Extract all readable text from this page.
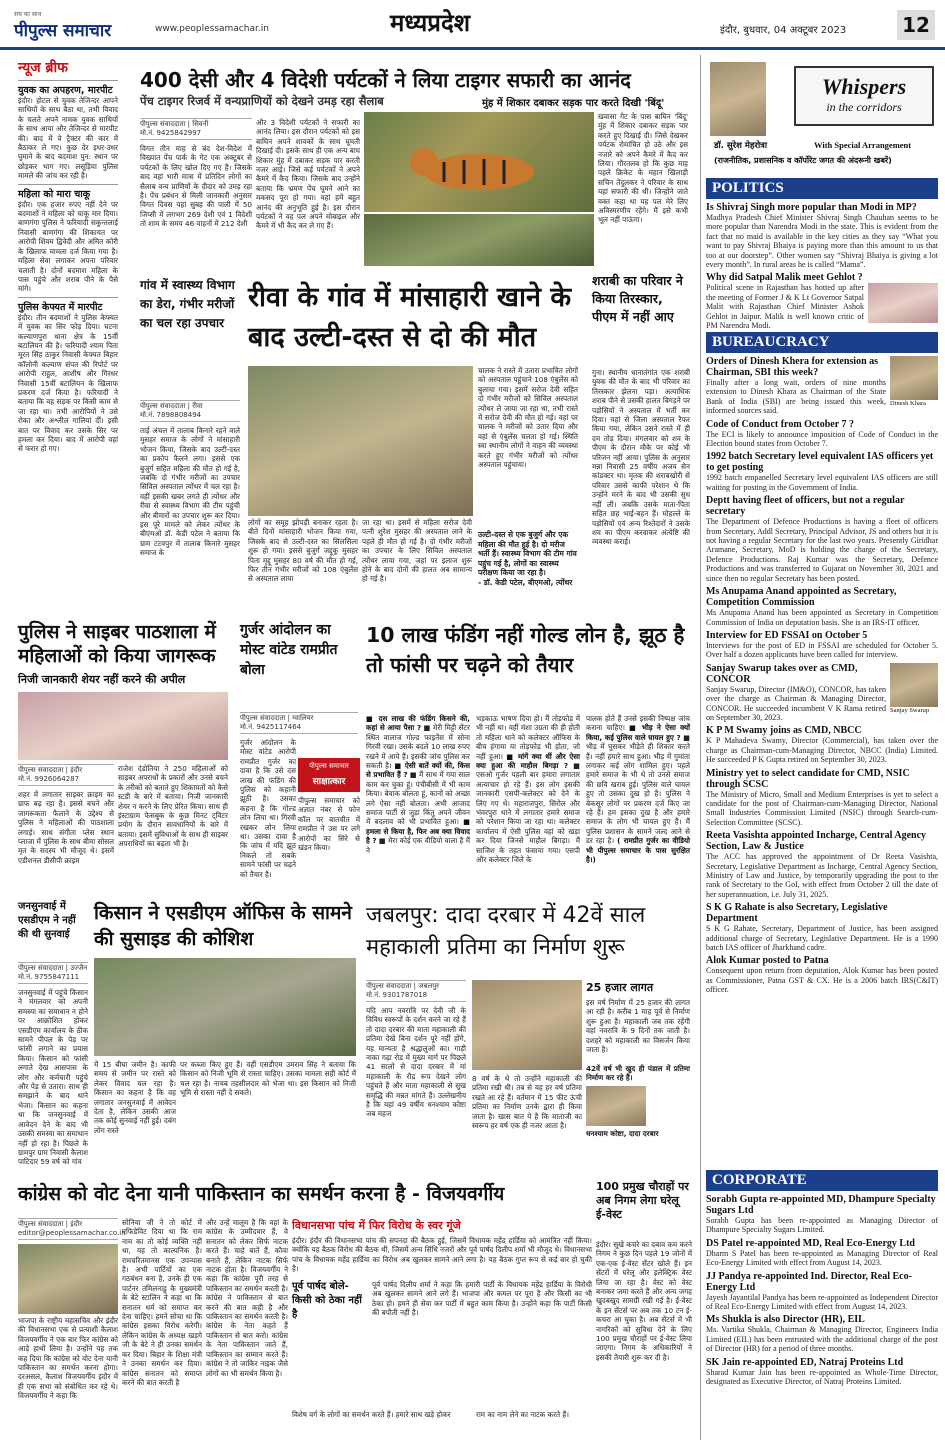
सच का साथ
पीपुल्स समाचार	www.peoplessamachar.in	मध्यप्रदेश	इंदौर, बुधवार, 04 अक्टूबर 2023	12
न्यूज ब्रीफ
युवक का अपहरण, मारपीट
इंदौर। होटल से युवक तेजिन्दर आपने साथियों के साथ बैठा था, तभी विवाद के चलते अपने नामक युवक साथियों के साथ आया और तेजिन्दर से मारपीट की। बाद में वे ट्रैक्टर की कार में बैठाकर ले गए। कुछ देर इधर-उधर घुमाने के बाद बदमाश पुन: स्थान पर छोड़कर भाग गए। लसूड़िया पुलिस मामले की जांच कर रही है।
महिला को मारा चाकू
इंदौर। एक हजार रुपए नहीं देने पर बदमाशों ने महिला को चाकू मार दिया। बाणगंगा पुलिस ने फरियादी सकुन्तलाई निवासी बाणगंगा की शिकायत पर आरोपी शिवम द्विवेदी और अमित कोरी के खिलाफ मामला दर्ज किया गया है। महिला सेवा लगाकर अपना परिवार चलाती है। दोनों बदमाश महिला के पास पहुंचे और शराब पीने के पैसे मांगे।
पुलिस केफ्यत में मारपीट
इंदौर। तीन बदमाशों ने पुलिस केफ्यत में युवक का सिर फोड़ दिया। घटना कल्याणपुरा थाना क्षेत्र के 15वीं बटालियन की है। फरियादी श्याम पिता मूरत सिंह ठाकुर निवासी केफ्यत बिहार कॉलोनी कल्याण संपत की रिपोर्ट पर आरोपी राहुल, आशीष और गिरधर निवासी 15वीं बटालियन के खिलाफ प्रकरण दर्ज किया है। फरियादी ने बताया कि वह सड़क पर किसी काम से जा रहा था। तभी आरोपियों ने उसे रोका और अश्लील गालियां दीं। इसी बात पर विवाद कर उसके सिर पर हमला कर दिया। बाद में आरोपी वहां से फरार हो गए।
400 देसी और 4 विदेशी पर्यटकों ने लिया टाइगर सफारी का आनंद
पेंच टाइगर रिजर्व में वन्यप्राणियों को देखने उमड़ रहा सैलाब	मुंह में शिकार दबाकर सड़क पार करते दिखी 'बिंदू'
पीपुल्स संवाददाता | सिवनी
मो.नं. 9425842997
विगत तीन माह से बंद देश-विदेश में विख्यात पेंच पार्क के गेट एक अक्टूबर से पर्यटकों के लिए खोल दिए गए हैं। जिसके बाद वहां भारी मात्रा में प्रतिदिन लोगों का सैलाब वन्य प्राणियों के दीदार को उमड़ रहा है। पेंच प्रबंधन से मिली जानकारी अनुसार विगत दिवस यहां सुबह की पाली में 50 जिप्सी में लगभग 269 देशी एवं 1 विदेशी तो शाम के समय 46 वाहनों में 212 देशी
और 3 विदेशी पर्यटकों ने सफारी का आनंद लिया। इस दौरान पर्यटकों को इस बाघिन अपने शावकों के साथ घूमती दिखाई दी। इसके साथ ही एक अन्य बाघ शिकार मुंह में दबाकर सड़क पार करती नजर आई। जिसे कई पर्यटकों ने अपने कैमरे में कैद किया। जिसके बाद उन्होंने बताया कि भ्रमण पेंच घूमने आने का मकसद पूरा हो गया। वहां हमें बहुत आनंद की अनुभूति हुई है। इस दौरान पर्यटकों ने वह पल अपने मोबाइल और कैमरे में भी कैद कर ले गए हैं।
खवासा गेट के पास बाघिन 'बिंदू' मुंह में शिकार दबाकर सड़क पार करते हुए दिखाई दी। जिसे देखकर पर्यटक रोमांचित हो उठे और इस नजारे को अपने कैमरे में कैद कर लिया। गौरतलब हो कि कुछ माह पहले क्रिकेट के महान खिलाड़ी सचिन तेंदुलकर ने परिवार के साथ यहां सफारी की थी। जिन्होंने जाते वक्त कहा था यह पल मेरे लिए अविस्मरणीय रहेंगे। मैं इसे कभी भूल नहीं पाऊंगा।
गांव में स्वास्थ्य विभाग का डेरा, गंभीर मरीजों का चल रहा उपचार
पीपुल्स संवाददाता | रीवा
मो.नं. 7898808494
ताई अंचल में तालाब किनारे रहने वाले मुसहर समाज के लोगों ने मांसाहारी भोजन किया, जिसके बाद उल्टी-दस्त का प्रकोप फैलने लगा। इससे एक बुजुर्ग सहित महिला की मौत हो गई है, जबकि दो गंभीर मरीजों का उपचार सिविल अस्पताल त्योंथर में चल रहा है। वहीं इसकी खबर लगते ही त्योंथर और रीवा से स्वास्थ्य विभाग की टीम पहुंची और बीमारों का उपचार शुरू कर दिया। इस पूरे मामले को लेकर त्योंथर के बीएमओ डॉ. केडी पटेल ने बताया कि ग्राम टटवपुर में तालाब किनारे मुसहर समाज के
रीवा के गांव में मांसाहारी खाने के बाद उल्टी-दस्त से दो की मौत
लोगों का समूह झोपड़ी बनाकर रहता है। बीते दिनों मांसाहारी भोजन किया गया, जिसके बाद से उल्टी-दस्त का सिलसिला शुरू हो गया। इससे बुजुर्ग जद्दूकू मुसहर पिता मृद्दू मुसहर 80 वर्ष की मौत हो गई, फिर तीन गंभीर मरीजों को 108 एंबुलेंस से अस्पताल लाया
जा रहा था। इसमें से महिला सरोज देवी पत्नी शुरेश मुसहर की अस्पताल लाने के पहले ही मौत हो गई है। दो गंभीर मरीजों का उपचार के लिए सिविल अस्पताल त्योंथर लाया गया, जहां पर इलाज शुरू होने के बाद दोनों की हालत अब सामान्य हो गई है।
चालक ने रास्ते में उतारा प्रभावित लोगों को अस्पताल पहुंचाने 108 एंबुलेंस को बुलाया गया। इसमें सरोज देवी सहित दो गंभीर मरीजों को सिविल अस्पताल त्योंथर ले जाया जा रहा था, तभी रास्ते में सरोज देवी की मौत हो गई। वहां पर चालक ने मरीजों को उतार दिया और वहां से एंबुलेंस चलता हो गई। स्थिति स्वा स्थानीय लोगों ने वाहन की व्यवस्था करते हुए गंभीर मरीजों को त्योंथर अस्पताल पहुंचाया।
उल्टी-दस्त से एक बुजुर्ग और एक महिला की मौत हुई है। दो मरीज भर्ती हैं। स्वास्थ्य विभाग की टीम गांव पहुंच गई है, लोगों का स्वास्थ्य परीक्षण किया जा रहा है।
- डॉ. केडी पटेल, बीएमओ, त्योंथर
शराबी का परिवार ने किया तिरस्कार, पीएम में नहीं आए
गुना। स्थानीय धानातंगांत एक शराबी युवक की मौत के बाद भी परिवार का तिरस्कार झेलना पड़ा। अत्याधिक शराब पीने से उसकी हालत बिगड़ने पर पड़ोसियों ने अस्पताल में भर्ती कर दिया। यहां से जिला अस्पताल रैफर किया गया, लेकिन उसने रास्ते में ही दम तोड़ दिया। मंगलवार को शव के पीएम के दौरान मौके पर कोई भी परिजन नहीं आया। पुलिस के अनुसार मन्ना निवासी 25 वर्षीय अजय सेन कांडक्टर था। मृतक की शराबखोरी से परिवार उससे काफी परेशान थे कि उन्होंने मरने के बाद भी उसकी सुध नहीं ली। जबकि उसके माता-पिता सहित छह भाई-बहन हैं। मोहल्ले के पड़ोसियों एवं अन्य रिश्तेदारों ने उसके शव का पीएम करवाकर अंत्येष्टि की व्यवस्था कराई।
पुलिस ने साइबर पाठशाला में महिलाओं को किया जागरूक
निजी जानकारी शेयर नहीं करने की अपील
पीपुल्स संवाददाता | इंदौर
मो.नं. 9926064287
शहर में लगातार साइबर क्राइम का ग्राफ बढ़ रहा है। इससे बचने और जागरूकता फैलाने के उद्देश्य से पुलिस ने महिलाओं की पाठशाला लगाई। साथ संगीता प्लेस स्थान प्लाजा में पुलिस के साथ बीमा सोसल मृत के सदस्य भी मौजूद थे। इसमें एडीशनल डीसीपी क्राइम
राजेश दंडोतिया ने 250 महिलाओं को साइबर अपराधों के प्रकारों और उनसे बचने के तरीकों को बताते हुए शिकायतों को कैसे स्टडी के बारे में बताया। निजी जानकारी शेयर न करने के लिए प्रेरित किया। साथ ही इंस्टाग्राम फेसबुक के कुछ मिनट ट्विटर प्रयोग के दौरान सावधानियों के बारे में बताया। इसमें सुविधाओं के साथ ही साइबर अपराधियों का बढ़ता भी है।
गुर्जर आंदोलन का मोस्ट वांटेड रामप्रीत बोला
पीपुल्स संवाददाता | ग्वालियर
मो.नं. 9425117464
गुर्जर आंदोलन के मोस्ट वांटेड आरोपी रामप्रीत गुर्जर का दावा है कि उसे दस लाख की फंडिंग की पुलिस को कहानी झूठी है। उसका कहना है कि गोल्ड लोन लिया था। गिरवी रखकर लोन लिया था। उसका दावा है कि जांच में यदि झूठ निकले तो सबके सामने फांसी पर चढ़ने को तैयार है।
पीपुल्स समाचार
साक्षात्कार
पीपुल्स समाचार को अज्ञात नंबर से फोन कॉल पर बातचीत में रामप्रीत ने उस पर लगे आरोपों का सिरे से खंडन किया।
10 लाख फंडिंग नहीं गोल्ड लोन है, झूठ है तो फांसी पर चढ़ने को तैयार
■ दस लाख की फंडिंग किसने की, कहां से आया पैसा ? ■ मेरी मिट्टी सेंटर स्थित वालाज गोल्ड फाइनेंस में सोना गिरवी रखा। उसके बदले 10 लाख रुपए रखने में आये हैं। इसकी जांच पुलिस कर सकती है। ■ ऐसी बातें क्यों की, किस से प्रभावित हैं ? ■ मैं साथ में गया साल काम कर चुका हूं। पंचीबीसी में भी काम किया। बेवाक बोलता हूं, कानों को अच्छा लगे ऐसा नहीं बोलता। अभी आजाद समाज पार्टी से जुड़ा किंतु अपने जीवन में बदलाव को भी प्रभावित हुआ। ■ हमला से किया है, फिर अब क्या विवाद है ? ■ मेरा कोई एक वीडियो वाला है मैं ने
भड़काऊ भाषण दिया हो। मैं तोड़फोड़ में भी नहीं था। वहीं मंशा उग्रता की ही होती तो महिला थाने को कलेक्टर ऑफिस के बीच हंगामा या तोड़फोड़ भी होता, जो नहीं हुआ। ■ मांगें क्या थीं और ऐसा क्या हुआ की माहौल बिगड़ा ? ■ एसओ गुर्जर पहली बार हमारा लगातार अत्याचार हो रहे हैं। इस लोग इसकी जानकारी एसपी-कलेक्टर को देने के लिए गए थे। महाराजपुरा, सिरोल और भंवरपुरा थाने में लगातार हमारे समाज को परेशान किया जा रहा था। कलेक्टर कार्यालय में ऐसी पुलिस वहां को खड़ा कर दिया जिनसे माहौल बिगड़ा। मैं साजिश के तहत फंसाया गया। एसपी और कलेक्टर जिले के
पालक होते हैं उनसे इसकी निष्पक्ष जांच कराना चाहिए। ■ भीड़ ने ऐसा क्यों किया, कई पुलिस वाले घायल हुए ? ■ भीड़ में घुसकर भीड़ेते ही शिकार करते हैं। नहीं हमारे साथ हुआ। भीड़ में गुमांता लगाकर कई लोग शामिल हुए। पहले हमारे समाज के भी थे तो उनसे समाज की छवि खराब हुई। पुलिस वाले घायल हुए तो उसका दुख हो है। पुलिस ने बेकसूर लोगों पर प्रकरण दर्ज किए जा रहे हैं। हम इसका दुख है और हमारे समाज के लोग भी घायल हुए हैं। मैं पुलिस प्रशासन के सामने जल्द आने से डर रहा है। ( रामप्रीत गुर्जर का वीडियो भी पीपुल्स समाचार के पास सुरक्षित है।)
जनसुनवाई में एसडीएम ने नहीं की थी सुनवाई
पीपुल्स संवाददाता | उज्जैन
मो.नं. 9755847111
जनसुनवाई में पहुंचे किसान ने मंगलवार को अपनी समस्या का समाधान न होने पर आक्रोशित होकर एसडीएम कार्यालय के ठीक सामने पीपल के पेड़ पर फांसी लगाने का प्रयास किया। किसान को फांसी लगाते देख आसपास के लोग और कर्मचारी पहुंचे और पेड़ से उतारा। साथ ही समझाने के बाद थाने भेजा। किसान का कहना था कि जनसुनवाई में आवेदन देने के बाद भी उसकी समस्या का समाधान नहीं हो रहा है। पिछले के ग्रामपुर ग्राम निवासी कैलाश पाटिदार 59 वर्ष को गांव
किसान ने एसडीएम ऑफिस के सामने की सुसाइड की कोशिश
में 15 बीघा जमीन है। काफी समय से जमीन पर रास्ते को लेकर विवाद चल रहा है। किसान का कहना है कि वह लगातार जनसुनवाई में आवेदन देता है, लेकिन उसकी आज तक कोई सुनवाई नहीं हुई। दबंग लोग रास्ते
पर कब्जा किए हुए हैं। वहीं एसडीएम उमराव सिंह ने बताया कि किसान को निजी भूमि से रास्ता चाहिए। उसका मामला सही कोर्ट में चल रहा है। नायब तहसीलदार को भेजा था। इस किसान को निजी भूमि से रास्ता नहीं दे सकते।
जबलपुर: दादा दरबार में 42वें साल महाकाली प्रतिमा का निर्माण शुरू
पीपुल्स संवाददाता | जबलपुर
मो.नं. 9301787018
यदि आप नवरात्रि पर देवी जी के विविध स्वरूपों के दर्शन करने जा रहे हैं तो दादा दरबार की माता महाकाली की प्रतिमा देखे बिना दर्शन पूरे नहीं होंगे, यह मान्यता है श्रद्धालुओं का। गाड़ी नाका गढ़ा रोड में मुख्य मार्ग पर पिछले 41 सालों से दादा दरबार में मां महाकाली के रौद्र रूप देखने लोग पहुंचते हैं और माता महाकाली से सुख समृद्धि की मन्नत मांगते हैं। उल्लेखनीय है कि यहां 49 वर्षीय धनश्याम कोष्टा जब महज
8 वर्ष के थे तो उन्होंने महाकाली की प्रतिमा रखी थी। तब से यह हर वर्ष प्रतिमा रखते आ रहे हैं। वर्तमान में 15 फीट ऊंची प्रतिमा का निर्माण उनके द्वारा ही किया जाता है। खास बात ये है कि माताजी का स्वरूप हर वर्ष एक ही नजर आता है।
25 हजार लागत
इस वर्ष निर्माण में 25 हजार की लागत आ रही है। करीब 1 माह पूर्व से निर्माण शुरू हुआ है। महाकाली जब तक रहेंगी वहां नवरात्रि के 9 दिनों तक जाती है। दशहरे को महाकाली का विसर्जन किया जाता है।
42वें वर्ष भी खुद ही पंडाल में प्रतिमा निर्माण कर रहे हैं।
धनश्याम कोष्टा, दादा दरबार
कांग्रेस को वोट देना यानी पाकिस्तान का समर्थन करना है - विजयवर्गीय
पीपुल्स संवाददाता | इंदौर
editor@peoplessamachar.co.in
भाजपा के राष्ट्रीय महासचिव और इंदौर की विधानसभा एक से प्रत्याशी कैलाश विजयवर्गीय ने एक बार फिर कांग्रेस को आड़े हाथों लिया है। उन्होंने यह तक कह दिया कि कांग्रेस को वोट देना यानी पाकिस्तान का समर्थन करना होगा। दरअसल, कैलाश विजयवर्गीय इंदौर में ही एक सभा को संबोधित कर रहे थे। विजयवर्गीय ने कहा कि
सोनिया जी ने तो कोर्ट में एफिडेविट दिया था कि राम नाम का तो कोई व्यक्ति नहीं था, यह तो काल्पनिक है। रामचरितमानस एक उपन्यास है। अभी पार्टियों का एक गठबंधन बना है, उनके ही एक पार्टनर तमिलनाडु के मुख्यमंत्री के बेटे स्टालिन ने कहा था कि सनातन धर्म को समाप्त कर देना चाहिए। हमने सोचा था कि कांग्रेस इसका विरोध करेगी। लेकिन कांग्रेस के अध्यक्ष खड़गे जी के बेटे ने ही उनका समर्थन कर दिया। बिहार के शिक्षा मंत्री ने उनका समर्थन कर दिया। कांग्रेस सनातन को समाप्त करने की बात करती है
और उन्हें मालूम है कि वहां के कांग्रेस के उम्मीदवार हैं, वे सनातन को लेकर सिर्फ नाटक करते हैं। चाहे बातें हैं, कौवा बनाते हैं, लेकिन नाटक सिर्फ नाटक होता है। विजयवर्गीय ने कहा कि कांग्रेस पूरी तरह से पाकिस्तान का समर्थन करती है। कांग्रेस ने पाकिस्तान से बात करने की बात कही है और पाकिस्तान का समर्थन करती है। कांग्रेस के नेता कहते हैं पाकिस्तान से बात करो। कांग्रेस के नेता पाकिस्तान जाते हैं, पाकिस्तान का सम्मान करते हैं। कांग्रेस ने तो जाकिर नाइक जैसे लोगों का भी समर्थन किया है।
विधानसभा पांच में फिर विरोध के स्वर गूंजे
इंदौर। इंदौर की विधानसभा पांच की सपनदा की बैठक हुई, जिसमें विधायक महेंद्र हार्डिया को आमंत्रित नहीं किया। क्योंकि यह बैठक विरोध की बैठक थी, जिसमें अन्य सिंधि नजरों और पूर्व पार्षद दिलीप शर्मा भी मौजूद थे। विधानसभा पांच के विधायक महेंद्र हार्डिया का विरोध अब खुलकर सामने आने लगा है। यह बैठक गुप्त रूप से कई बार हो चुकी है।
पूर्व पार्षद बोले- किसी को ठेका नहीं है
पूर्व पार्षद दिलीप शर्मा ने कहा कि हमारी पार्टी के विधायक महेंद्र हार्डिया के विरोधी अब खुलकर सामने आने लगे हैं। भाजपा और कमल पर पूरा है और किसी का भी ठेका हो। हमने ही सेवा कर पार्टी में बहुत काम किया है। उन्होंने कहा कि पार्टी किसी की बपौती नहीं है।
विशेष वर्ग के लोगों का समर्थन करते हैं। हमारे साथ खड़े होकर	राम का नाम लेने का नाटक करते हैं।
100 प्रमुख चौराहों पर अब निगम लेगा घरेलू ई-वेस्ट
इंदौर। सूखे कचरे का दबाव कम करने निगम ने कुछ दिन पहले 19 जोनों में एक-एक ई-वेस्ट सेंटर खोले हैं। इन सेंटरों में घरेलू और इलेक्ट्रिक वेस्ट लिया जा रहा है। वेस्ट को वेस्ट बनाकर जमा करते हैं और अन्य जगह खुदबखुद सामग्री रखी गई है। ई-वेस्ट के इन सेंटर्स पर अब तक 10 टन ई-कचरा आ चुका है। अब सेंटर्स में भी नागरिकों को सुविधा देने के लिए 100 प्रमुख चौराहों पर ई-वेस्ट लिया जाएगा। निगम के अधिकारियों ने इसकी तैयारी शुरू कर दी है।
Whispers
in the corridors
डॉ. सुरेश मेहरोत्रा	With Special Arrangement
(राजनीतिक, प्रशासनिक व कॉर्पोरेट जगत की अंदरूनी खबरें)
POLITICS
Is Shivraj Singh more popular than Modi in MP?
Madhya Pradesh Chief Minister Shivraj Singh Chauhan seems to be more popular than Narendra Modi in the state. This is evident from the fact that no maid is available in the key cities as they say “What you want to pay Shivraj Bhaiya is paying more than this amount to us that too at our doorstep”. Other women say “Shivraj Bhaiya is giving a lot every month”. In rural areas he is called “Mama”.
Why did Satpal Malik meet Gehlot ?
Political scene in Rajasthan has hotted up after the meeting of Former J & K Lt Governor Satpal Malit with Rajasthan Chief Minister Ashok Gehlot in Jaipur. Malik is well known critic of PM Narendra Modi.
BUREAUCRACY
Orders of Dinesh Khera for extension as Chairman, SBI this week?
Finally after a long wait, orders of nine months extension to Dinesh Khara as Chairman of the State Bank of India (SBI) are being issued this week, informed sources said.
Dinesh Khara
Code of Conduct from October 7 ?
The ECI is likely to announce imposition of Code of Conduct in the Election bound states from October 7.
1992 batch Secretary level equivalent IAS officers yet to get posting
1992 batch empanelled Secretary level equivalent IAS officers are still waiting for posting in the Government of India.
Deptt having fleet of officers, but not a regular secretary
The Department of Defence Productions is having a fleet of officers from Secretary, Addl Secretary, Principal Advisor, JS and others but it is not having a regular Secretary for the last two years. Presently Giridhar Aramane, Secretary, MoD is holding the charge of the Secretary, Defence Productions. Raj Kumar was the Secretary, Defence Productions and was transferred to Gujarat on November 30, 2021 and since then no regular Secretary has been posted.
Ms Anupama Anand appointed as Secretary, Competition Commission
Ms Anupama Anand has been appointed as Secretary in Competition Commission of India on deputation basis. She is an IRS-IT officer.
Interview for ED FSSAI on October 5
Interviews for the post of ED in FSSAI are scheduled for October 5. Over half a dozen applicants have been called for interview.
Sanjay Swarup takes over as CMD, CONCOR
Sanjay Swarup, Director (IM&O), CONCOR, has taken over the charge as Chairman & Managing Director, CONCOR. He succeeded incumbent V K Rama retired on September 30, 2023.
Sanjay Swarup
K P M Swamy joins as CMD, NBCC
K P Mahadeva Swamy, Director (Commercial), has taken over the charge as Chairman-cum-Managing Director, NBCC (India) Limited. He succeeded P K Gupta retired on September 30, 2023.
Ministry yet to select candidate for CMD, NSIC through SCSC
The Ministry of Micro, Small and Medium Enterprises is yet to select a candidate for the post of Chairman-cum-Managing Director, National Small Industries Commission Limited (NSIC) through Search-cum-Selection Committee (SCSC).
Reeta Vasishta appointed Incharge, Central Agency Section, Law & Justice
The ACC has approved the appointment of Dr Reeta Vasishta, Secretary, Legislative Department as Incharge, Central Agency Section, Ministry of Law and Justice, by temporarily upgrading the post to the rank of Secretary to the GoI, with effect from October 2 till the date of her superannuation, i.e. July 31, 2025.
S K G Rahate is also Secretary, Legislative Department
S K G Rahate, Secretary, Department of Justice, has been assigned additional charge of Secretary, Legislative Department. He is a 1990 batch IAS officer of Jharkhand cadre.
Alok Kumar posted to Patna
Consequent upon return from deputation, Alok Kumar has been posted as Commissioner, Patna GST & CX. He is a 2006 batch IRS(C&IT) officer.
CORPORATE
Sorabh Gupta re-appointed MD, Dhampure Specialty Sugars Ltd
Sorabh Gupta has been re-appointed as Managing Director of Dhampure Specialty Sugars Limited.
DS Patel re-appointed MD, Real Eco-Energy Ltd
Dharm S Patel has been re-appointed as Managing Director of Real Eco-Energy Limited with effect from August 14, 2023.
JJ Pandya re-appointed Ind. Director, Real Eco-Energy Ltd
Jayesh Jayantilal Pandya has been re-appointed as Independent Director of Real Eco-Energy Limited with effect from August 14, 2023.
Ms Shukla is also Director (HR), EIL
Ms. Vartika Shukla, Chairman & Managing Director, Engineers India Limited (EIL) has been entrusted with the additional charge of the post of Director (HR) for a period of three months.
SK Jain re-appointed ED, Natraj Proteins Ltd
Sharad Kumar Jain has been re-appointed as Whole-Time Director, designated as Executive Director, of Natraj Proteins Limited.
